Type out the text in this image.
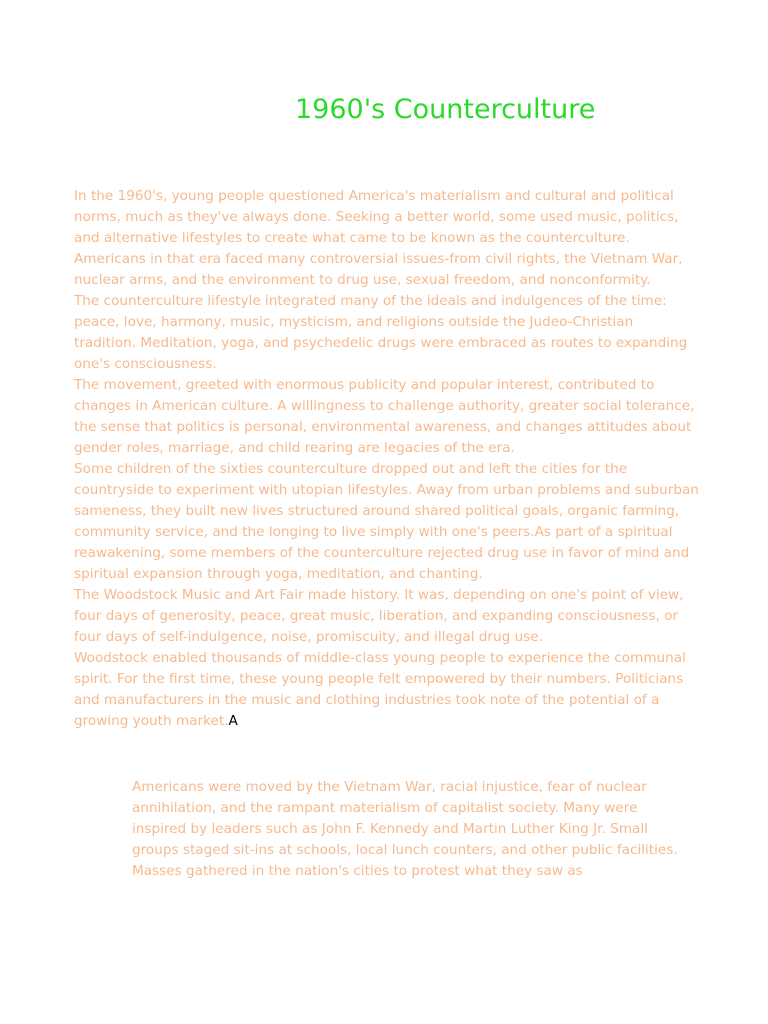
1960's Counterculture

In the 1960's, young people questioned America's materialism and cultural and political norms, much as they've always done. Seeking a better world, some used music, politics, and alternative lifestyles to create what came to be known as the counterculture. Americans in that era faced many controversial issues-from civil rights, the Vietnam War, nuclear arms, and the environment to drug use, sexual freedom, and nonconformity.

The counterculture lifestyle integrated many of the ideals and indulgences of the time: peace, love, harmony, music, mysticism, and religions outside the Judeo-Christian tradition. Meditation, yoga, and psychedelic drugs were embraced as routes to expanding one's consciousness.

The movement, greeted with enormous publicity and popular interest, contributed to changes in American culture. A willingness to challenge authority, greater social tolerance, the sense that politics is personal, environmental awareness, and changes attitudes about gender roles, marriage, and child rearing are legacies of the era.

Some children of the sixties counterculture dropped out and left the cities for the countryside to experiment with utopian lifestyles. Away from urban problems and suburban sameness, they built new lives structured around shared political goals, organic farming, community service, and the longing to live simply with one's peers.As part of a spiritual reawakening, some members of the counterculture rejected drug use in favor of mind and spiritual expansion through yoga, meditation, and chanting.

The Woodstock Music and Art Fair made history. It was, depending on one's point of view, four days of generosity, peace, great music, liberation, and expanding consciousness, or four days of self-indulgence, noise, promiscuity, and illegal drug use.

Woodstock enabled thousands of middle-class young people to experience the communal spirit. For the first time, these young people felt empowered by their numbers. Politicians and manufacturers in the music and clothing industries took note of the potential of a growing youth market.A

Americans were moved by the Vietnam War, racial injustice, fear of nuclear annihilation, and the rampant materialism of capitalist society. Many were inspired by leaders such as John F. Kennedy and Martin Luther King Jr. Small groups staged sit-ins at schools, local lunch counters, and other public facilities. Masses gathered in the nation's cities to protest what they saw as
